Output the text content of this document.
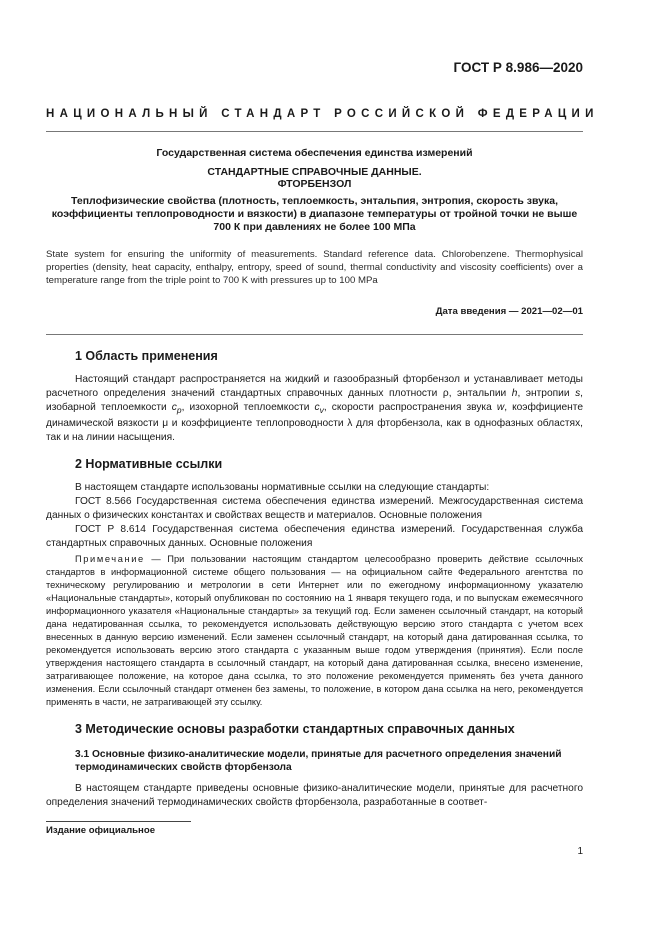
ГОСТ Р 8.986—2020
НАЦИОНАЛЬНЫЙ СТАНДАРТ РОССИЙСКОЙ ФЕДЕРАЦИИ
Государственная система обеспечения единства измерений
СТАНДАРТНЫЕ СПРАВОЧНЫЕ ДАННЫЕ.
ФТОРБЕНЗОЛ
Теплофизические свойства (плотность, теплоемкость, энтальпия, энтропия, скорость звука, коэффициенты теплопроводности и вязкости) в диапазоне температуры от тройной точки не выше 700 К при давлениях не более 100 МПа
State system for ensuring the uniformity of measurements. Standard reference data. Chlorobenzene. Thermophysical properties (density, heat capacity, enthalpy, entropy, speed of sound, thermal conductivity and viscosity coefficients) over a temperature range from the triple point to 700 K with pressures up to 100 MPa
Дата введения — 2021—02—01
1 Область применения
Настоящий стандарт распространяется на жидкий и газообразный фторбензол и устанавливает методы расчетного определения значений стандартных справочных данных плотности ρ, энтальпии h, энтропии s, изобарной теплоемкости $c_p$, изохорной теплоемкости $c_v$, скорости распространения звука w, коэффициенте динамической вязкости μ и коэффициенте теплопроводности λ для фторбензола, как в однофазных областях, так и на линии насыщения.
2 Нормативные ссылки
В настоящем стандарте использованы нормативные ссылки на следующие стандарты:
ГОСТ 8.566 Государственная система обеспечения единства измерений. Межгосударственная система данных о физических константах и свойствах веществ и материалов. Основные положения
ГОСТ Р 8.614 Государственная система обеспечения единства измерений. Государственная служба стандартных справочных данных. Основные положения
Примечание — При пользовании настоящим стандартом целесообразно проверить действие ссылочных стандартов в информационной системе общего пользования — на официальном сайте Федерального агентства по техническому регулированию и метрологии в сети Интернет или по ежегодному информационному указателю «Национальные стандарты», который опубликован по состоянию на 1 января текущего года, и по выпускам ежемесячного информационного указателя «Национальные стандарты» за текущий год. Если заменен ссылочный стандарт, на который дана недатированная ссылка, то рекомендуется использовать действующую версию этого стандарта с учетом всех внесенных в данную версию изменений. Если заменен ссылочный стандарт, на который дана датированная ссылка, то рекомендуется использовать версию этого стандарта с указанным выше годом утверждения (принятия). Если после утверждения настоящего стандарта в ссылочный стандарт, на который дана датированная ссылка, внесено изменение, затрагивающее положение, на которое дана ссылка, то это положение рекомендуется применять без учета данного изменения. Если ссылочный стандарт отменен без замены, то положение, в котором дана ссылка на него, рекомендуется применять в части, не затрагивающей эту ссылку.
3 Методические основы разработки стандартных справочных данных
3.1 Основные физико-аналитические модели, принятые для расчетного определения значений термодинамических свойств фторбензола
В настоящем стандарте приведены основные физико-аналитические модели, принятые для расчетного определения значений термодинамических свойств фторбензола, разработанные в соответ-
Издание официальное
1
